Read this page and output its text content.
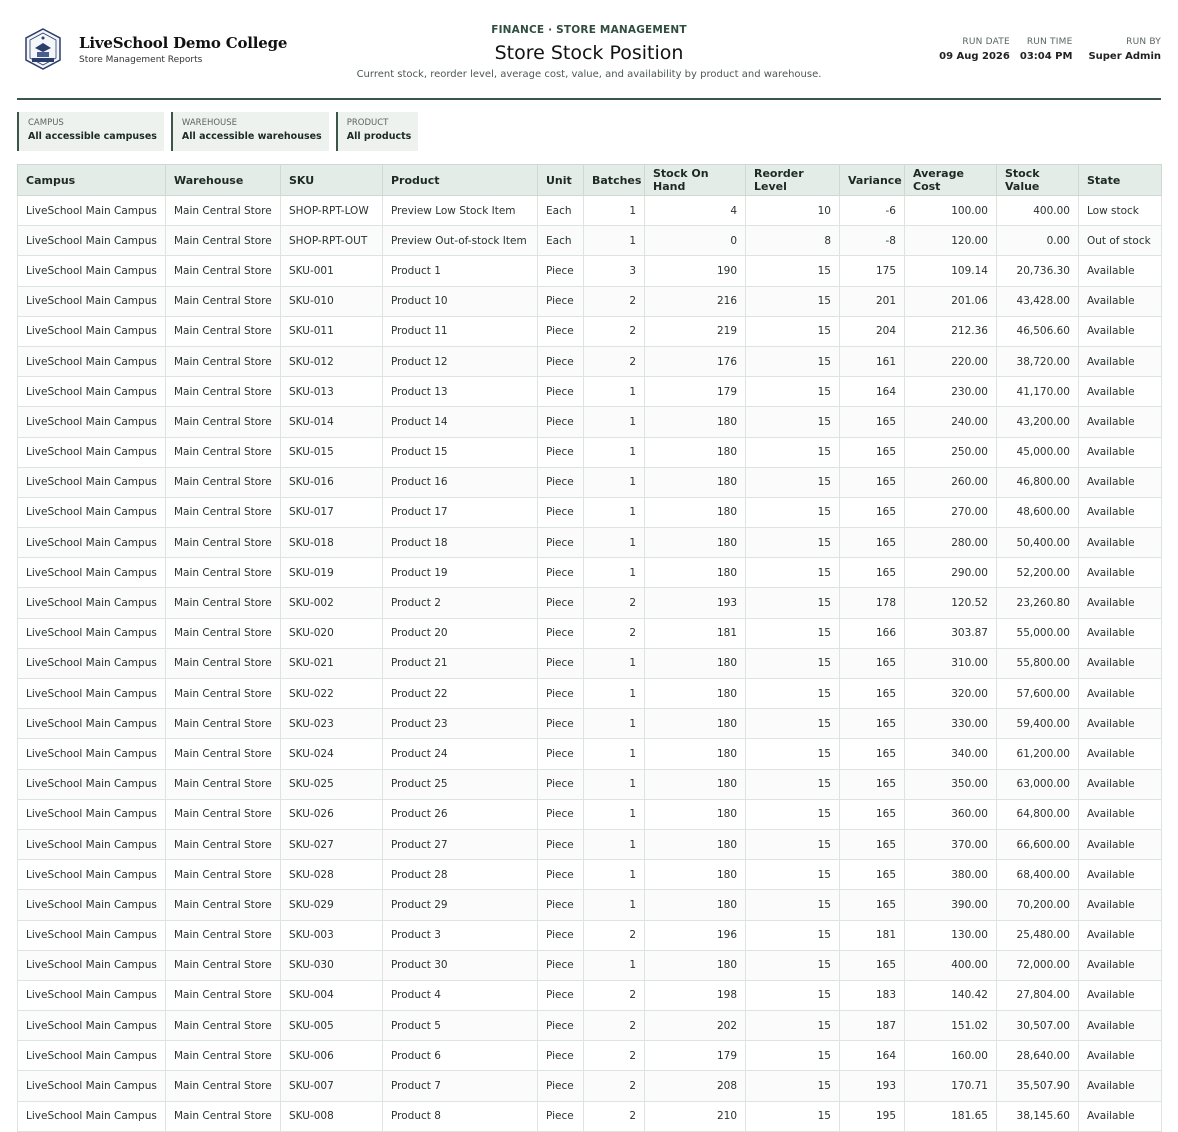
LiveSchool Demo College
Store Management Reports
FINANCE · STORE MANAGEMENT
Store Stock Position
Current stock, reorder level, average cost, value, and availability by product and warehouse.
RUN DATE
09 Aug 2026
RUN TIME
03:04 PM
RUN BY
Super Admin
CAMPUS
All accessible campuses
WAREHOUSE
All accessible warehouses
PRODUCT
All products
Campus	Warehouse	SKU	Product	Unit	Batches	Stock On Hand	Reorder Level	Variance	Average Cost	Stock Value	State
LiveSchool Main Campus	Main Central Store	SHOP-RPT-LOW	Preview Low Stock Item	Each	1	4	10	-6	100.00	400.00	Low stock
LiveSchool Main Campus	Main Central Store	SHOP-RPT-OUT	Preview Out-of-stock Item	Each	1	0	8	-8	120.00	0.00	Out of stock
LiveSchool Main Campus	Main Central Store	SKU-001	Product 1	Piece	3	190	15	175	109.14	20,736.30	Available
LiveSchool Main Campus	Main Central Store	SKU-010	Product 10	Piece	2	216	15	201	201.06	43,428.00	Available
LiveSchool Main Campus	Main Central Store	SKU-011	Product 11	Piece	2	219	15	204	212.36	46,506.60	Available
LiveSchool Main Campus	Main Central Store	SKU-012	Product 12	Piece	2	176	15	161	220.00	38,720.00	Available
LiveSchool Main Campus	Main Central Store	SKU-013	Product 13	Piece	1	179	15	164	230.00	41,170.00	Available
LiveSchool Main Campus	Main Central Store	SKU-014	Product 14	Piece	1	180	15	165	240.00	43,200.00	Available
LiveSchool Main Campus	Main Central Store	SKU-015	Product 15	Piece	1	180	15	165	250.00	45,000.00	Available
LiveSchool Main Campus	Main Central Store	SKU-016	Product 16	Piece	1	180	15	165	260.00	46,800.00	Available
LiveSchool Main Campus	Main Central Store	SKU-017	Product 17	Piece	1	180	15	165	270.00	48,600.00	Available
LiveSchool Main Campus	Main Central Store	SKU-018	Product 18	Piece	1	180	15	165	280.00	50,400.00	Available
LiveSchool Main Campus	Main Central Store	SKU-019	Product 19	Piece	1	180	15	165	290.00	52,200.00	Available
LiveSchool Main Campus	Main Central Store	SKU-002	Product 2	Piece	2	193	15	178	120.52	23,260.80	Available
LiveSchool Main Campus	Main Central Store	SKU-020	Product 20	Piece	2	181	15	166	303.87	55,000.00	Available
LiveSchool Main Campus	Main Central Store	SKU-021	Product 21	Piece	1	180	15	165	310.00	55,800.00	Available
LiveSchool Main Campus	Main Central Store	SKU-022	Product 22	Piece	1	180	15	165	320.00	57,600.00	Available
LiveSchool Main Campus	Main Central Store	SKU-023	Product 23	Piece	1	180	15	165	330.00	59,400.00	Available
LiveSchool Main Campus	Main Central Store	SKU-024	Product 24	Piece	1	180	15	165	340.00	61,200.00	Available
LiveSchool Main Campus	Main Central Store	SKU-025	Product 25	Piece	1	180	15	165	350.00	63,000.00	Available
LiveSchool Main Campus	Main Central Store	SKU-026	Product 26	Piece	1	180	15	165	360.00	64,800.00	Available
LiveSchool Main Campus	Main Central Store	SKU-027	Product 27	Piece	1	180	15	165	370.00	66,600.00	Available
LiveSchool Main Campus	Main Central Store	SKU-028	Product 28	Piece	1	180	15	165	380.00	68,400.00	Available
LiveSchool Main Campus	Main Central Store	SKU-029	Product 29	Piece	1	180	15	165	390.00	70,200.00	Available
LiveSchool Main Campus	Main Central Store	SKU-003	Product 3	Piece	2	196	15	181	130.00	25,480.00	Available
LiveSchool Main Campus	Main Central Store	SKU-030	Product 30	Piece	1	180	15	165	400.00	72,000.00	Available
LiveSchool Main Campus	Main Central Store	SKU-004	Product 4	Piece	2	198	15	183	140.42	27,804.00	Available
LiveSchool Main Campus	Main Central Store	SKU-005	Product 5	Piece	2	202	15	187	151.02	30,507.00	Available
LiveSchool Main Campus	Main Central Store	SKU-006	Product 6	Piece	2	179	15	164	160.00	28,640.00	Available
LiveSchool Main Campus	Main Central Store	SKU-007	Product 7	Piece	2	208	15	193	170.71	35,507.90	Available
LiveSchool Main Campus	Main Central Store	SKU-008	Product 8	Piece	2	210	15	195	181.65	38,145.60	Available
